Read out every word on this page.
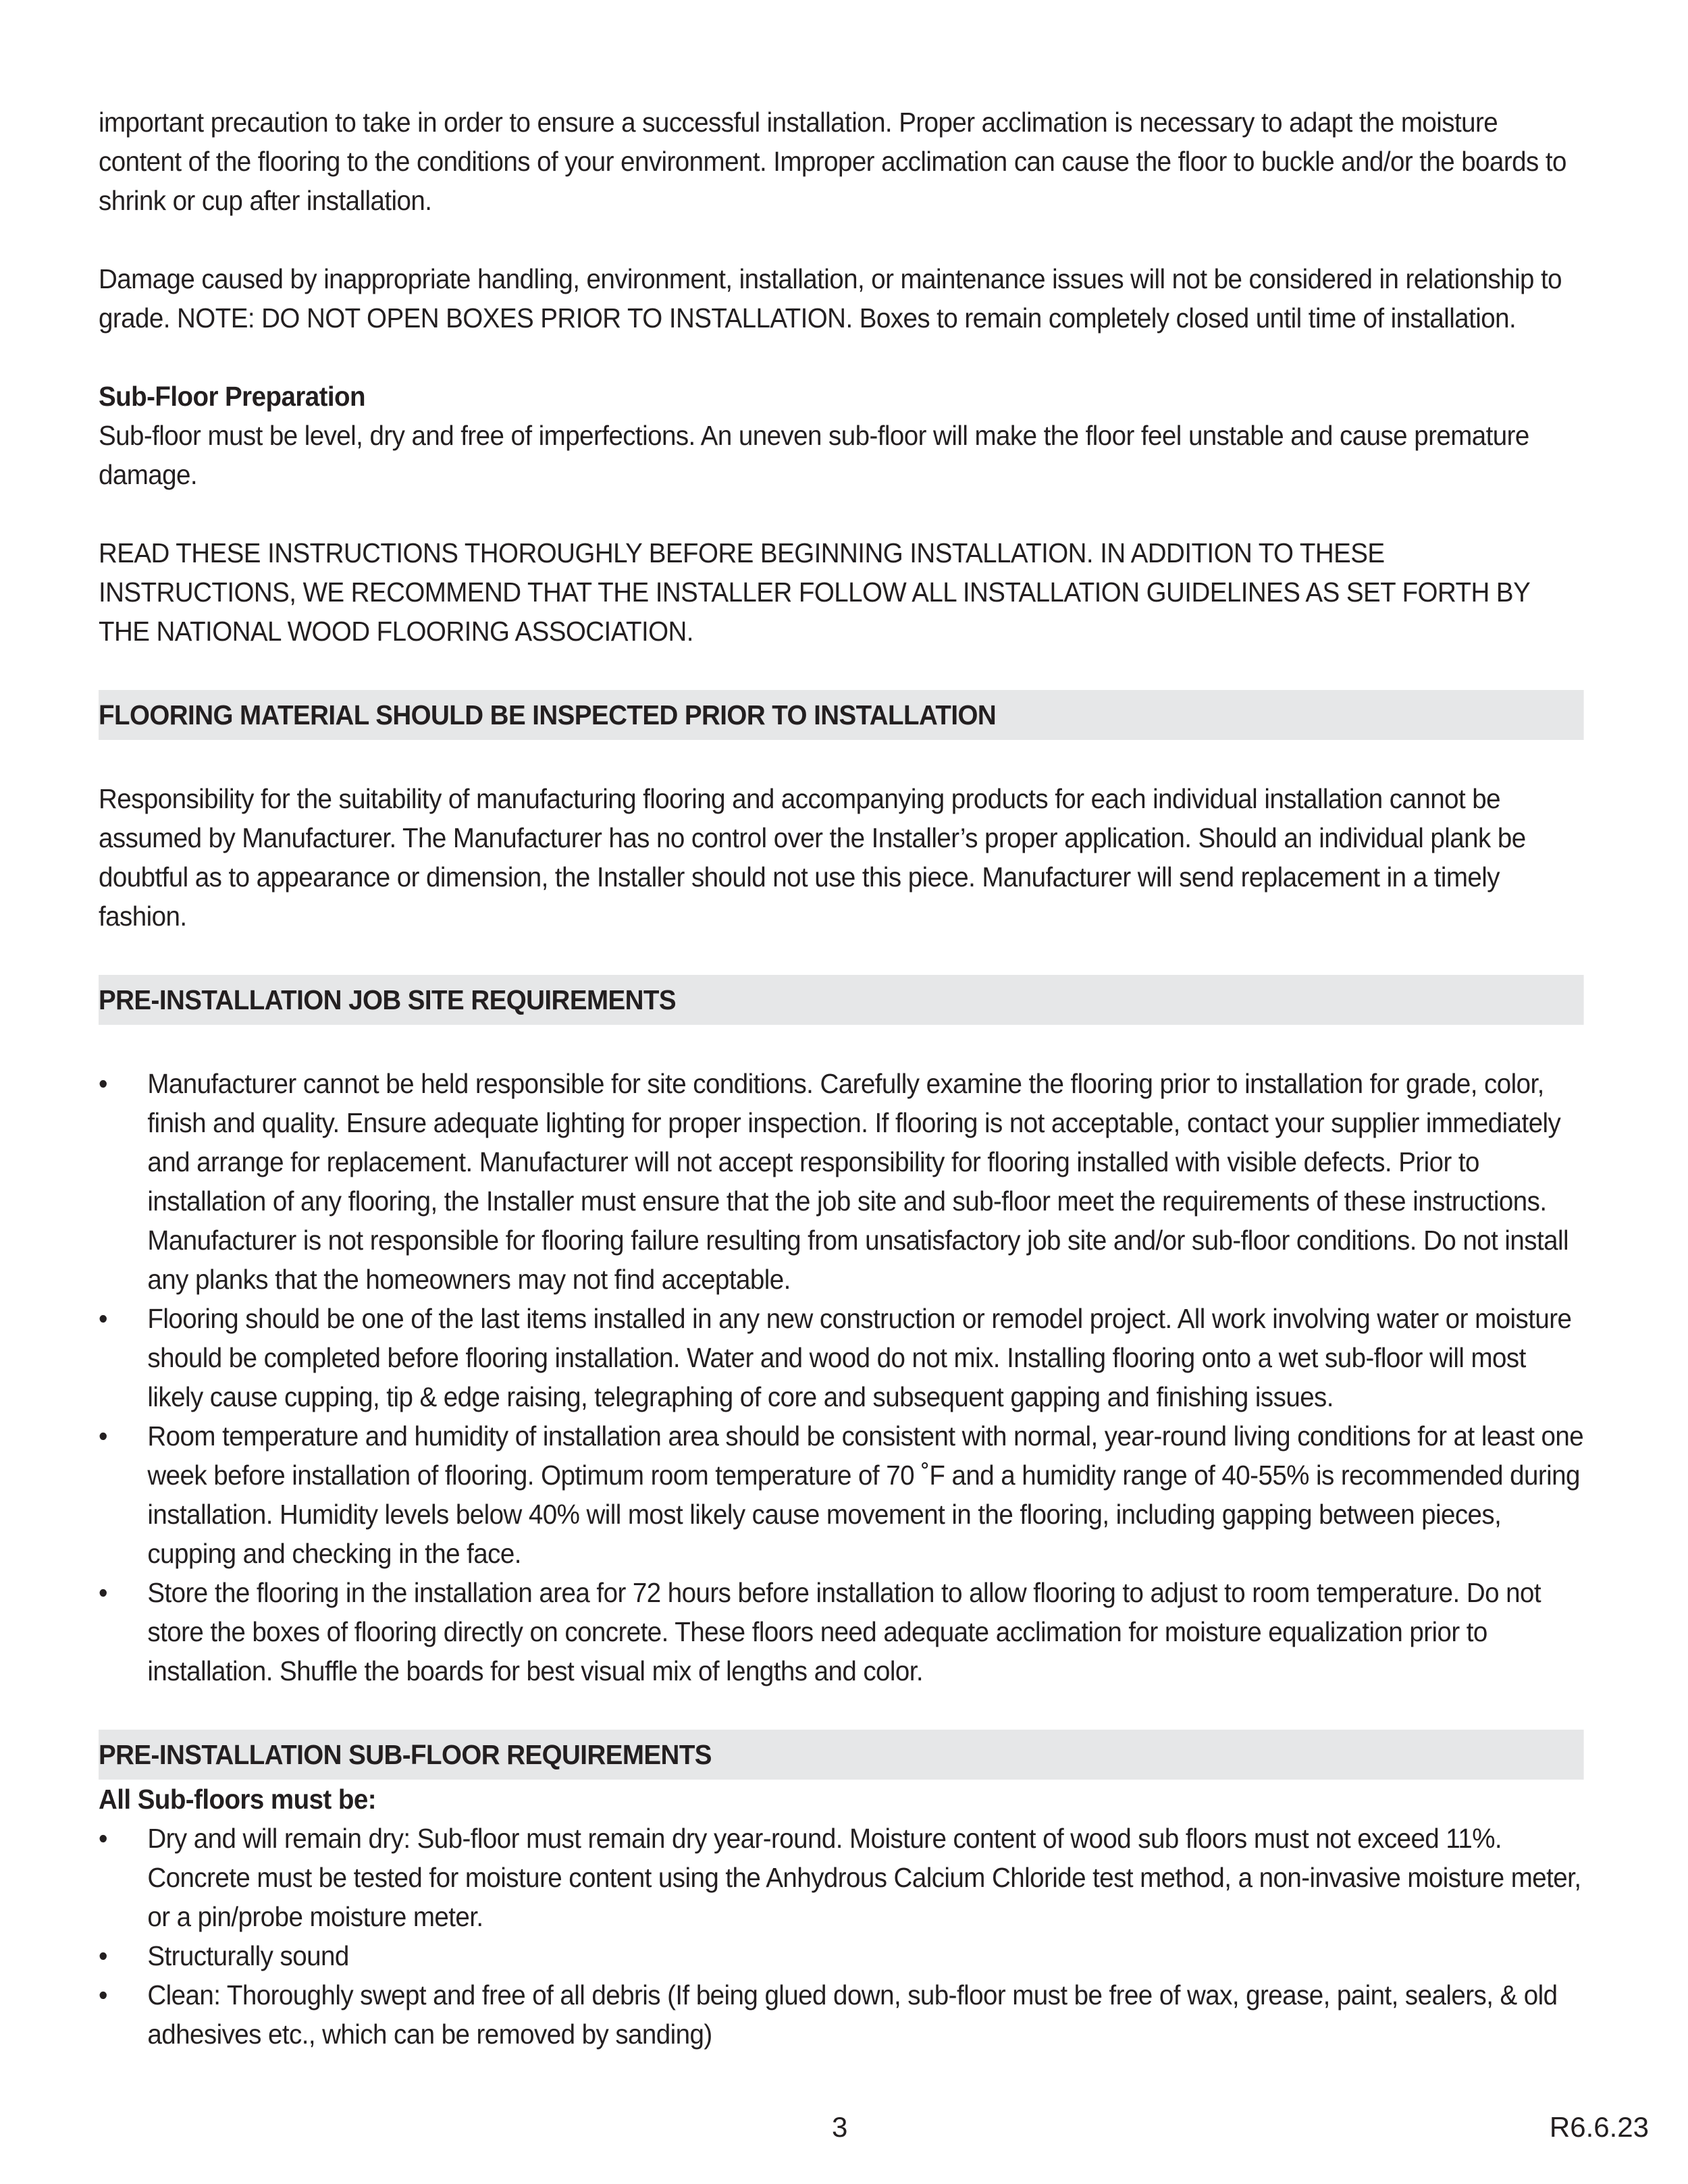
important precaution to take in order to ensure a successful installation. Proper acclimation is necessary to adapt the moisture content of the flooring to the conditions of your environment. Improper acclimation can cause the floor to buckle and/or the boards to shrink or cup after installation.

Damage caused by inappropriate handling, environment, installation, or maintenance issues will not be considered in relationship to grade. NOTE: DO NOT OPEN BOXES PRIOR TO INSTALLATION. Boxes to remain completely closed until time of installation.

Sub-Floor Preparation

Sub-floor must be level, dry and free of imperfections. An uneven sub-floor will make the floor feel unstable and cause premature damage.

READ THESE INSTRUCTIONS THOROUGHLY BEFORE BEGINNING INSTALLATION. IN ADDITION TO THESE INSTRUCTIONS, WE RECOMMEND THAT THE INSTALLER FOLLOW ALL INSTALLATION GUIDELINES AS SET FORTH BY THE NATIONAL WOOD FLOORING ASSOCIATION.

FLOORING MATERIAL SHOULD BE INSPECTED PRIOR TO INSTALLATION

Responsibility for the suitability of manufacturing flooring and accompanying products for each individual installation cannot be assumed by Manufacturer. The Manufacturer has no control over the Installer’s proper application. Should an individual plank be doubtful as to appearance or dimension, the Installer should not use this piece. Manufacturer will send replacement in a timely fashion.

PRE-INSTALLATION JOB SITE REQUIREMENTS
•	Manufacturer cannot be held responsible for site conditions. Carefully examine the flooring prior to installation for grade, color, finish and quality. Ensure adequate lighting for proper inspection. If flooring is not acceptable, contact your supplier immediately and arrange for replacement. Manufacturer will not accept responsibility for flooring installed with visible defects. Prior to installation of any flooring, the Installer must ensure that the job site and sub-floor meet the requirements of these instructions. Manufacturer is not responsible for flooring failure resulting from unsatisfactory job site and/or sub-floor conditions. Do not install any planks that the homeowners may not find acceptable.
•	Flooring should be one of the last items installed in any new construction or remodel project. All work involving water or moisture should be completed before flooring installation. Water and wood do not mix. Installing flooring onto a wet sub-floor will most likely cause cupping, tip & edge raising, telegraphing of core and subsequent gapping and finishing issues.
•	Room temperature and humidity of installation area should be consistent with normal, year-round living conditions for at least one week before installation of flooring. Optimum room temperature of 70 ˚F and a humidity range of 40-55% is recommended during installation. Humidity levels below 40% will most likely cause movement in the flooring, including gapping between pieces, cupping and checking in the face.
•	Store the flooring in the installation area for 72 hours before installation to allow flooring to adjust to room temperature. Do not store the boxes of flooring directly on concrete. These floors need adequate acclimation for moisture equalization prior to installation. Shuffle the boards for best visual mix of lengths and color.
PRE-INSTALLATION SUB-FLOOR REQUIREMENTS
All Sub-floors must be:
•	Dry and will remain dry: Sub-floor must remain dry year-round. Moisture content of wood sub floors must not exceed 11%. Concrete must be tested for moisture content using the Anhydrous Calcium Chloride test method, a non-invasive moisture meter, or a pin/probe moisture meter.
•	Structurally sound
•	Clean: Thoroughly swept and free of all debris (If being glued down, sub-floor must be free of wax, grease, paint, sealers, & old adhesives etc., which can be removed by sanding)
3	R6.6.23
